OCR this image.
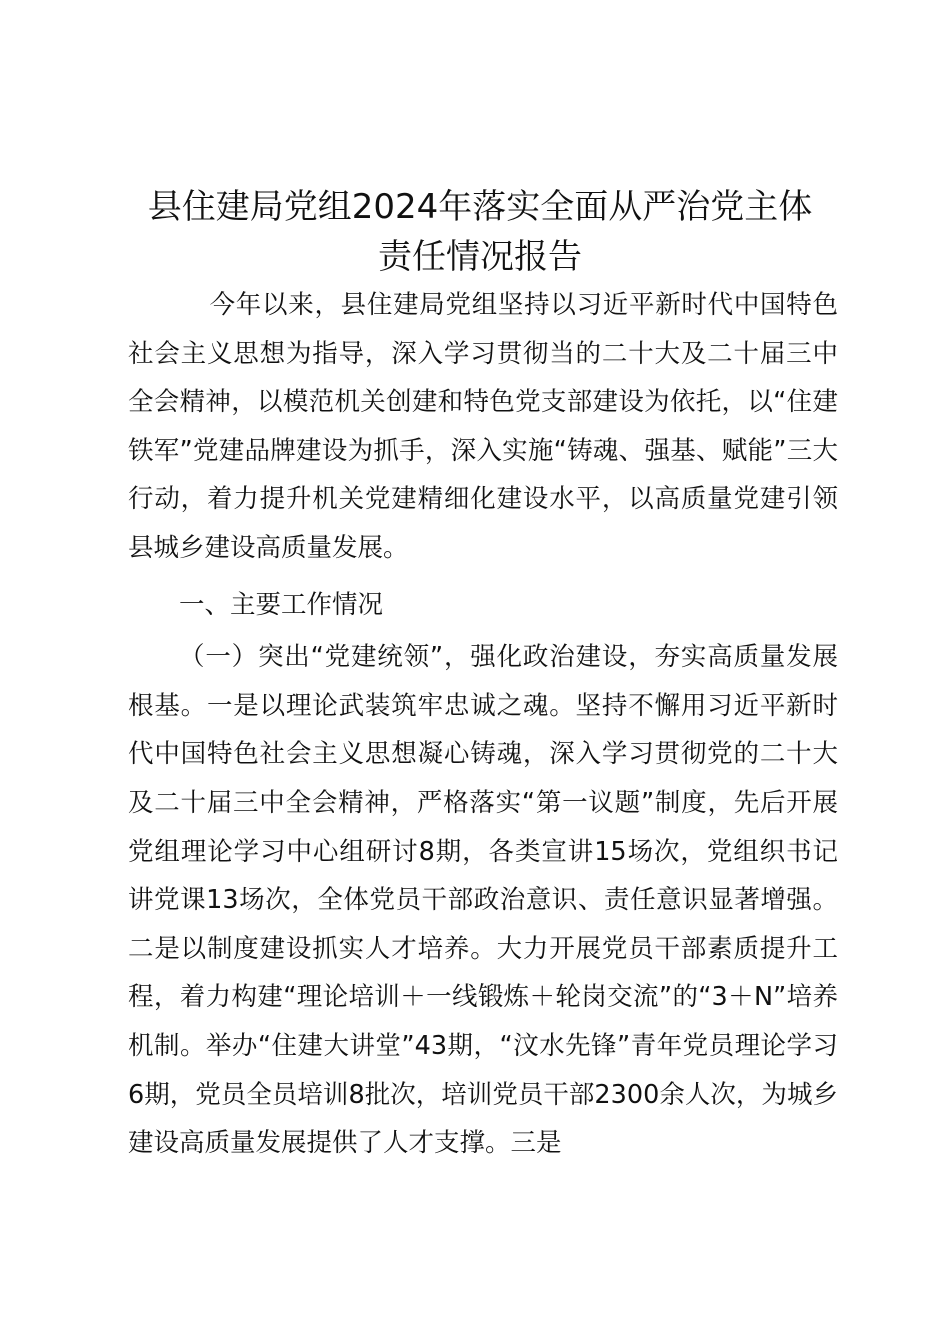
县住建局党组2024年落实全面从严治党主体
责任情况报告

今年以来，县住建局党组坚持以习近平新时代中国特色社会主义思想为指导，深入学习贯彻当的二十大及二十届三中全会精神，以模范机关创建和特色党支部建设为依托，以“住建铁军”党建品牌建设为抓手，深入实施“铸魂、强基、赋能”三大行动，着力提升机关党建精细化建设水平，以高质量党建引领县城乡建设高质量发展。

一、主要工作情况

（一）突出“党建统领”，强化政治建设，夯实高质量发展根基。一是以理论武装筑牢忠诚之魂。坚持不懈用习近平新时代中国特色社会主义思想凝心铸魂，深入学习贯彻党的二十大及二十届三中全会精神，严格落实“第一议题”制度，先后开展党组理论学习中心组研讨8期，各类宣讲15场次，党组织书记讲党课13场次，全体党员干部政治意识、责任意识显著增强。二是以制度建设抓实人才培养。大力开展党员干部素质提升工程，着力构建“理论培训＋一线锻炼＋轮岗交流”的“3＋N”培养机制。举办“住建大讲堂”43期，“汶水先锋”青年党员理论学习6期，党员全员培训8批次，培训党员干部2300余人次，为城乡建设高质量发展提供了人才支撑。三是
